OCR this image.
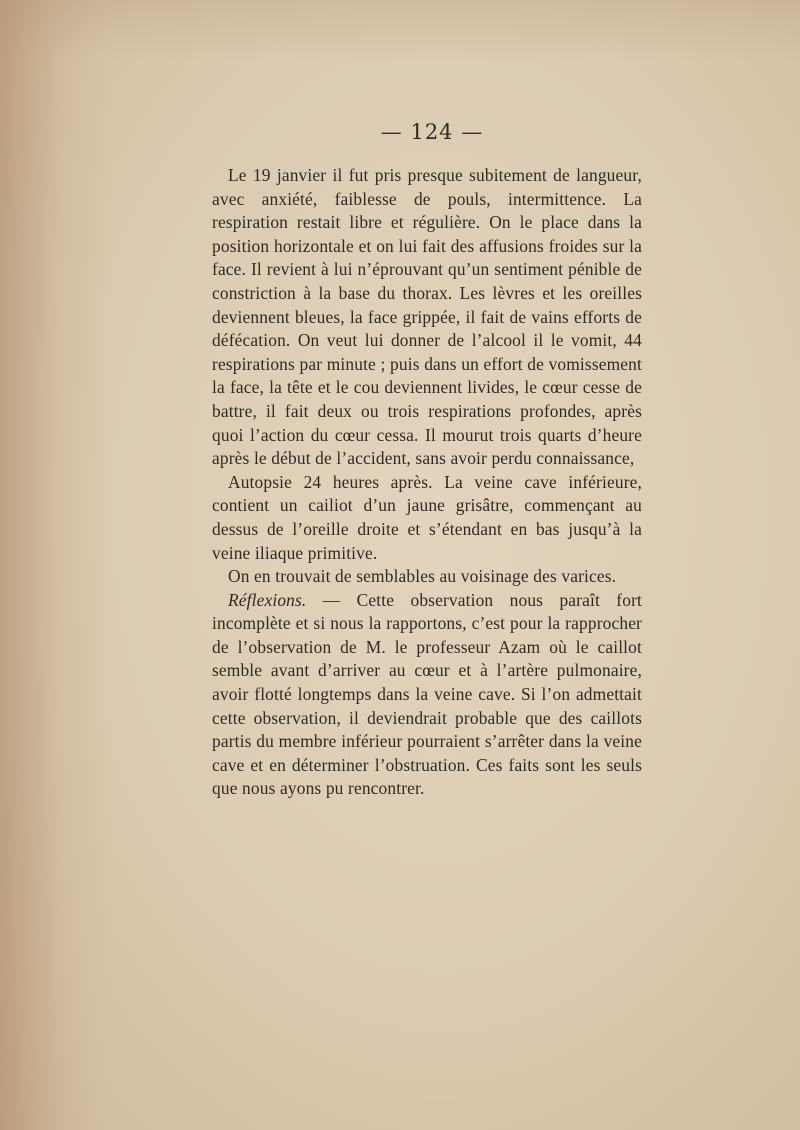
— 124 —

Le 19 janvier il fut pris presque subitement de langueur, avec anxiété, faiblesse de pouls, intermittence. La respiration restait libre et régulière. On le place dans la position horizontale et on lui fait des affusions froides sur la face. Il revient à lui n’éprouvant qu’un sentiment pénible de constriction à la base du thorax. Les lèvres et les oreilles deviennent bleues, la face grippée, il fait de vains efforts de défécation. On veut lui donner de l’alcool il le vomit, 44 respirations par minute ; puis dans un effort de vomissement la face, la tête et le cou deviennent livides, le cœur cesse de battre, il fait deux ou trois respirations profondes, après quoi l’action du cœur cessa. Il mourut trois quarts d’heure après le début de l’accident, sans avoir perdu connaissance,

Autopsie 24 heures après. La veine cave inférieure, contient un cailiot d’un jaune grisâtre, commençant au dessus de l’oreille droite et s’étendant en bas jusqu’à la veine iliaque primitive.

On en trouvait de semblables au voisinage des varices.

Réflexions. — Cette observation nous paraît fort incomplète et si nous la rapportons, c’est pour la rapprocher de l’observation de M. le professeur Azam où le caillot semble avant d’arriver au cœur et à l’artère pulmonaire, avoir flotté longtemps dans la veine cave. Si l’on admettait cette observation, il deviendrait probable que des caillots partis du membre inférieur pourraient s’arrêter dans la veine cave et en déterminer l’obstruation. Ces faits sont les seuls que nous ayons pu rencontrer.
